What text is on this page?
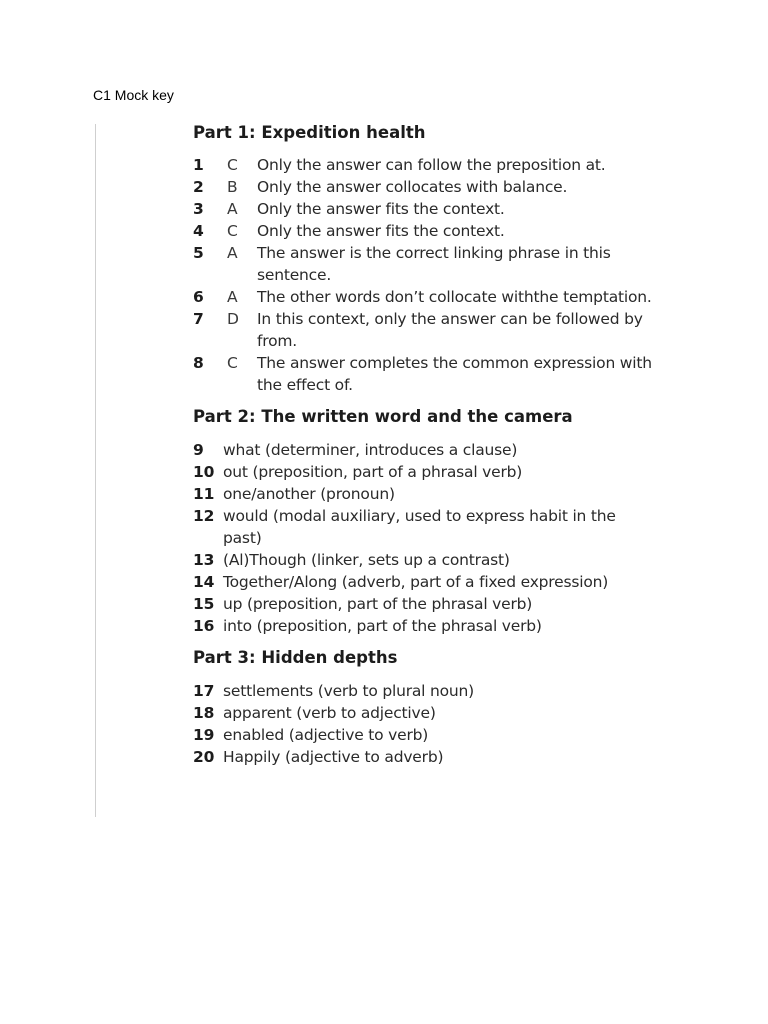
C1 Mock key
Part 1: Expedition health
1	C	Only the answer can follow the preposition at.
2	B	Only the answer collocates with balance.
3	A	Only the answer fits the context.
4	C	Only the answer fits the context.
5	A	The answer is the correct linking phrase in this sentence.
6	A	The other words don’t collocate withthe temptation.
7	D	In this context, only the answer can be followed by from.
8	C	The answer completes the common expression with the effect of.
Part 2: The written word and the camera
9	what (determiner, introduces a clause)
10 out (preposition, part of a phrasal verb)
11 one/another (pronoun)
12 would (modal auxiliary, used to express habit in the past)
13 (Al)Though (linker, sets up a contrast)
14 Together/Along (adverb, part of a fixed expression)
15 up (preposition, part of the phrasal verb)
16 into (preposition, part of the phrasal verb)
Part 3: Hidden depths
17 settlements (verb to plural noun)
18 apparent (verb to adjective)
19 enabled (adjective to verb)
20 Happily (adjective to adverb)
